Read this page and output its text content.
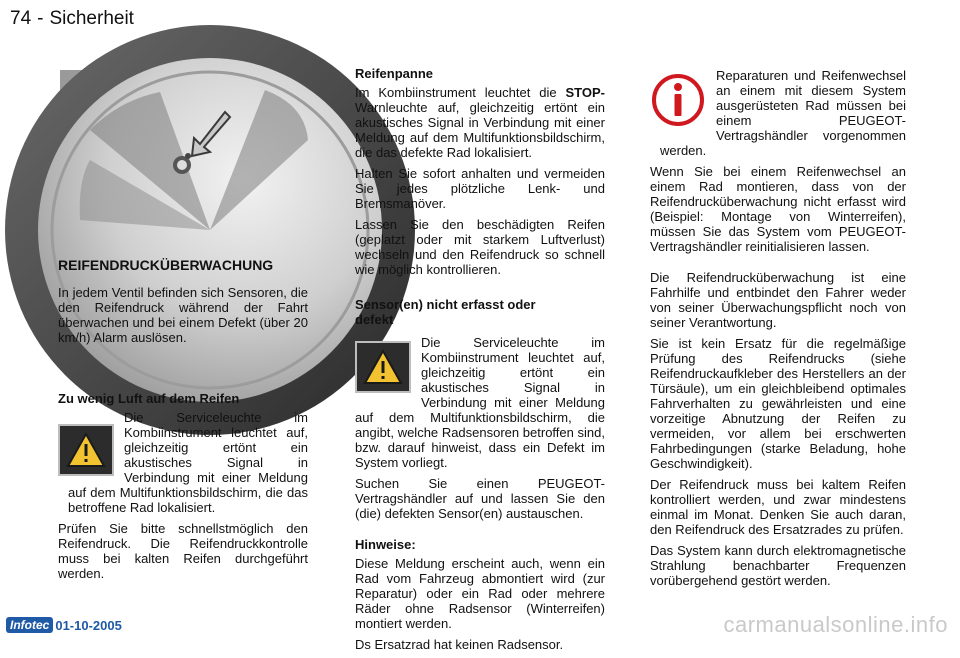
74 - Sicherheit
REIFENDRUCKÜBERWACHUNG

In jedem Ventil befinden sich Sensoren, die den Reifendruck während der Fahrt überwachen und bei einem Defekt (über 20 km/h) Alarm auslösen.

Zu wenig Luft auf dem Reifen

Die Serviceleuchte im Kombiinstrument leuchtet auf, gleichzeitig ertönt ein akustisches Signal in Verbindung mit einer Meldung auf dem Multifunktionsbildschirm, die das betroffene Rad lokalisiert.

Prüfen Sie bitte schnellstmöglich den Reifendruck. Die Reifendruckkontrolle muss bei kalten Reifen durchgeführt werden.

Reifenpanne

Im Kombiinstrument leuchtet die STOP-Warnleuchte auf, gleichzeitig ertönt ein akustisches Signal in Verbindung mit einer Meldung auf dem Multifunktionsbildschirm, die das defekte Rad lokalisiert.

Halten Sie sofort anhalten und vermeiden Sie jedes plötzliche Lenk- und Bremsmanöver.

Lassen Sie den beschädigten Reifen (geplatzt oder mit starkem Luftverlust) wechseln und den Reifendruck so schnell wie möglich kontrollieren.

Sensor(en) nicht erfasst oder defekt

Die Serviceleuchte im Kombiinstrument leuchtet auf, gleichzeitig ertönt ein akustisches Signal in Verbindung mit einer Meldung auf dem Multifunktionsbildschirm, die angibt, welche Radsensoren betroffen sind, bzw. darauf hinweist, dass ein Defekt im System vorliegt.

Suchen Sie einen PEUGEOT-Vertragshändler auf und lassen Sie den (die) defekten Sensor(en) austauschen.

Hinweise:

Diese Meldung erscheint auch, wenn ein Rad vom Fahrzeug abmontiert wird (zur Reparatur) oder ein Rad oder mehrere Räder ohne Radsensor (Winterreifen) montiert werden.

Ds Ersatzrad hat keinen Radsensor.

Reparaturen und Reifenwechsel an einem mit diesem System ausgerüsteten Rad müssen bei einem PEUGEOT-Vertragshändler vorgenommen werden.

Wenn Sie bei einem Reifenwechsel an einem Rad montieren, dass von der Reifendrucküberwachung nicht erfasst wird (Beispiel: Montage von Winterreifen), müssen Sie das System vom PEUGEOT-Vertragshändler reinitialisieren lassen.

Die Reifendrucküberwachung ist eine Fahrhilfe und entbindet den Fahrer weder von seiner Überwachungspflicht noch von seiner Verantwortung.

Sie ist kein Ersatz für die regelmäßige Prüfung des Reifendrucks (siehe Reifendruckaufkleber des Herstellers an der Türsäule), um ein gleichbleibend optimales Fahrverhalten zu gewährleisten und eine vorzeitige Abnutzung der Reifen zu vermeiden, vor allem bei erschwerten Fahrbedingungen (starke Beladung, hohe Geschwindigkeit).

Der Reifendruck muss bei kaltem Reifen kontrolliert werden, und zwar mindestens einmal im Monat. Denken Sie auch daran, den Reifendruck des Ersatzrades zu prüfen.

Das System kann durch elektromagnetische Strahlung benachbarter Frequenzen vorübergehend gestört werden.

Infotec 01-10-2005	carmanualsonline.info
